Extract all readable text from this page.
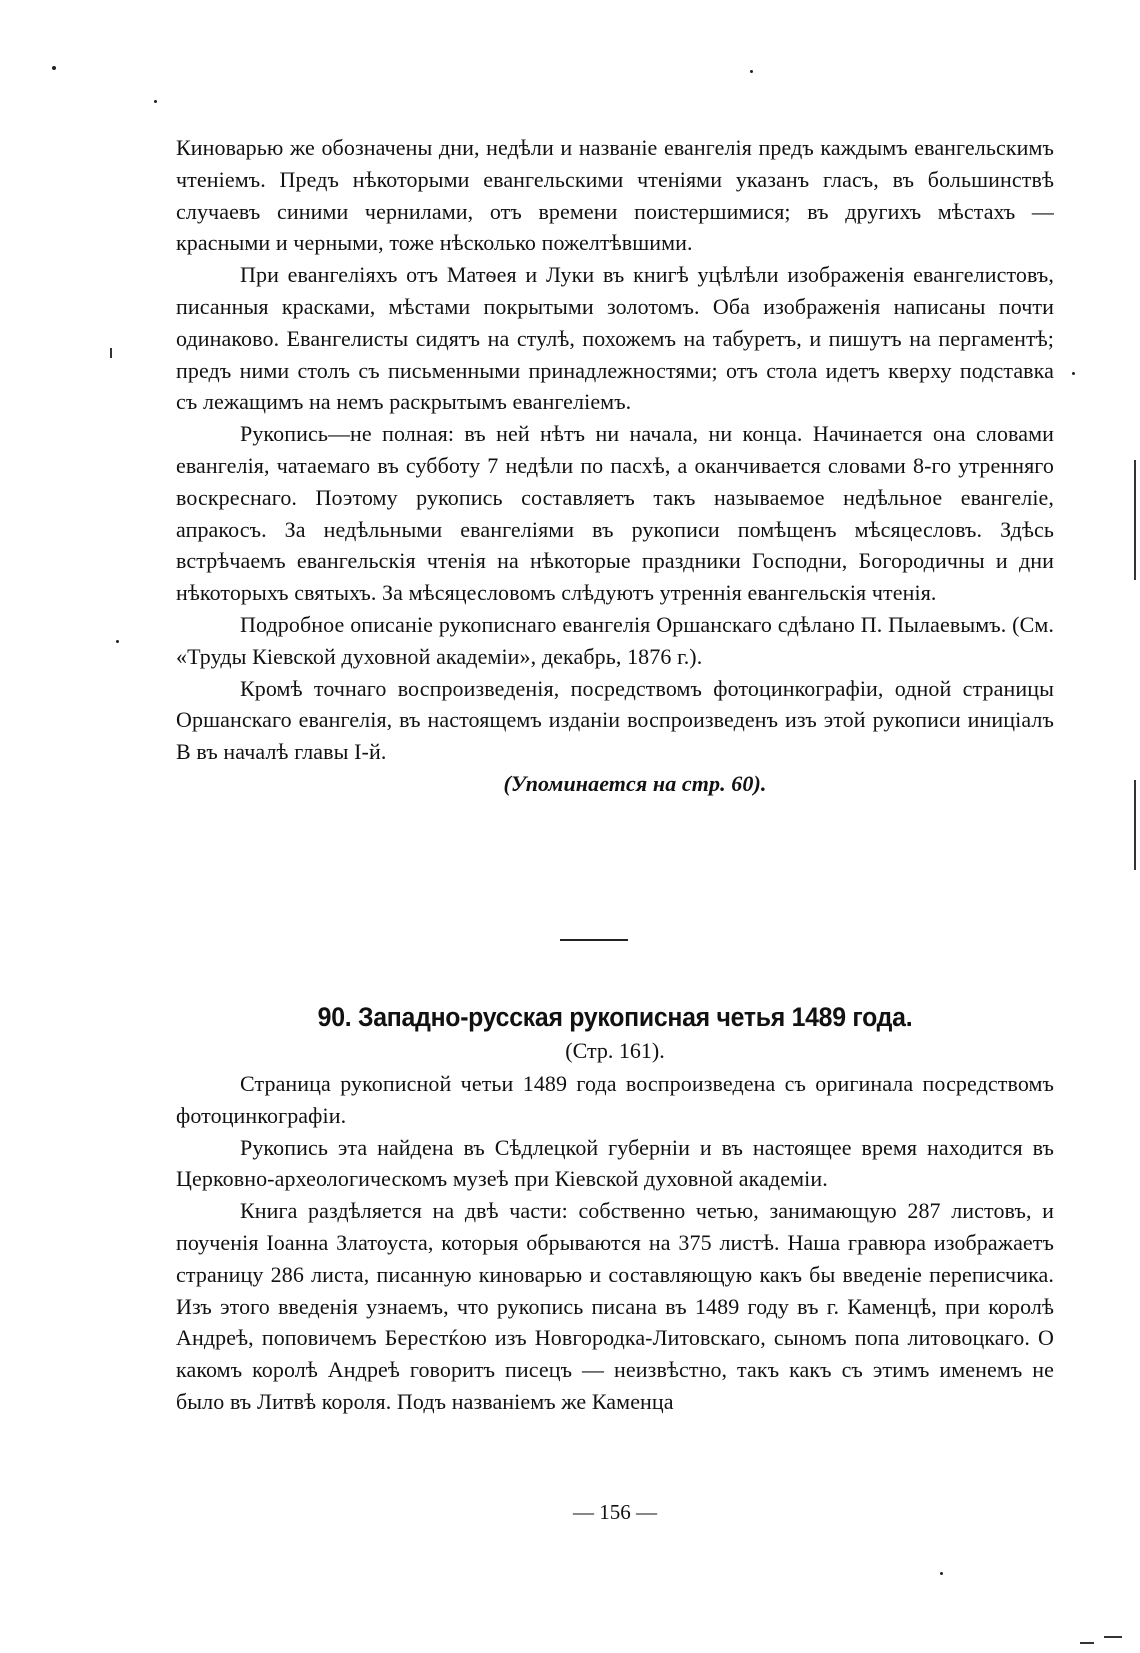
Киноварью же обозначены дни, недѣли и названіе евангелія предъ каждымъ евангельскимъ чтеніемъ. Предъ нѣкоторыми евангельскими чтеніями указанъ гласъ, въ большинствѣ случаевъ синими чернилами, отъ времени поистершимися; въ другихъ мѣстахъ — красными и черными, тоже нѣсколько пожелтѣвшими.

При евангеліяхъ отъ Матѳея и Луки въ книгѣ уцѣлѣли изображенія евангелистовъ, писанныя красками, мѣстами покрытыми золотомъ. Оба изображенія написаны почти одинаково. Евангелисты сидятъ на стулѣ, похожемъ на табуретъ, и пишутъ на пергаментѣ; предъ ними столъ съ письменными принадлежностями; отъ стола идетъ кверху подставка съ лежащимъ на немъ раскрытымъ евангеліемъ.

Рукопись—не полная: въ ней нѣтъ ни начала, ни конца. Начинается она словами евангелія, чатаемаго въ субботу 7 недѣли по пасхѣ, а оканчивается словами 8-го утренняго воскреснаго. Поэтому рукопись составляетъ такъ называемое недѣльное евангеліе, апракосъ. За недѣльными евангеліями въ рукописи помѣщенъ мѣсяцесловъ. Здѣсь встрѣчаемъ евангельскія чтенія на нѣкоторые праздники Господни, Богородичны и дни нѣкоторыхъ святыхъ. За мѣсяцесловомъ слѣдуютъ утреннія евангельскія чтенія.

Подробное описаніе рукописнаго евангелія Оршанскаго сдѣлано П. Пылаевымъ. (См. «Труды Кіевской духовной академіи», декабрь, 1876 г.).

Кромѣ точнаго воспроизведенія, посредствомъ фотоцинкографіи, одной страницы Оршанскаго евангелія, въ настоящемъ изданіи воспроизведенъ изъ этой рукописи иниціалъ В въ началѣ главы I-й.

(Упоминается на стр. 60).

90. Западно-русская рукописная четья 1489 года.
(Стр. 161).

Страница рукописной четьи 1489 года воспроизведена съ оригинала посредствомъ фотоцинкографіи.

Рукопись эта найдена въ Сѣдлецкой губерніи и въ настоящее время находится въ Церковно-археологическомъ музеѣ при Кіевской духовной академіи.

Книга раздѣляется на двѣ части: собственно четью, занимающую 287 листовъ, и поученія Іоанна Златоуста, которыя обрываются на 375 листѣ. Наша гравюра изображаетъ страницу 286 листа, писанную киноварью и составляющую какъ бы введеніе переписчика. Изъ этого введенія узнаемъ, что рукопись писана въ 1489 году въ г. Каменцѣ, при королѣ Андреѣ, поповичемъ Берестќою изъ Новгородка-Литовскаго, сыномъ попа литовоцкаго. О какомъ королѣ Андреѣ говоритъ писецъ — неизвѣстно, такъ какъ съ этимъ именемъ не было въ Литвѣ короля. Подъ названіемъ же Каменца

— 156 —
